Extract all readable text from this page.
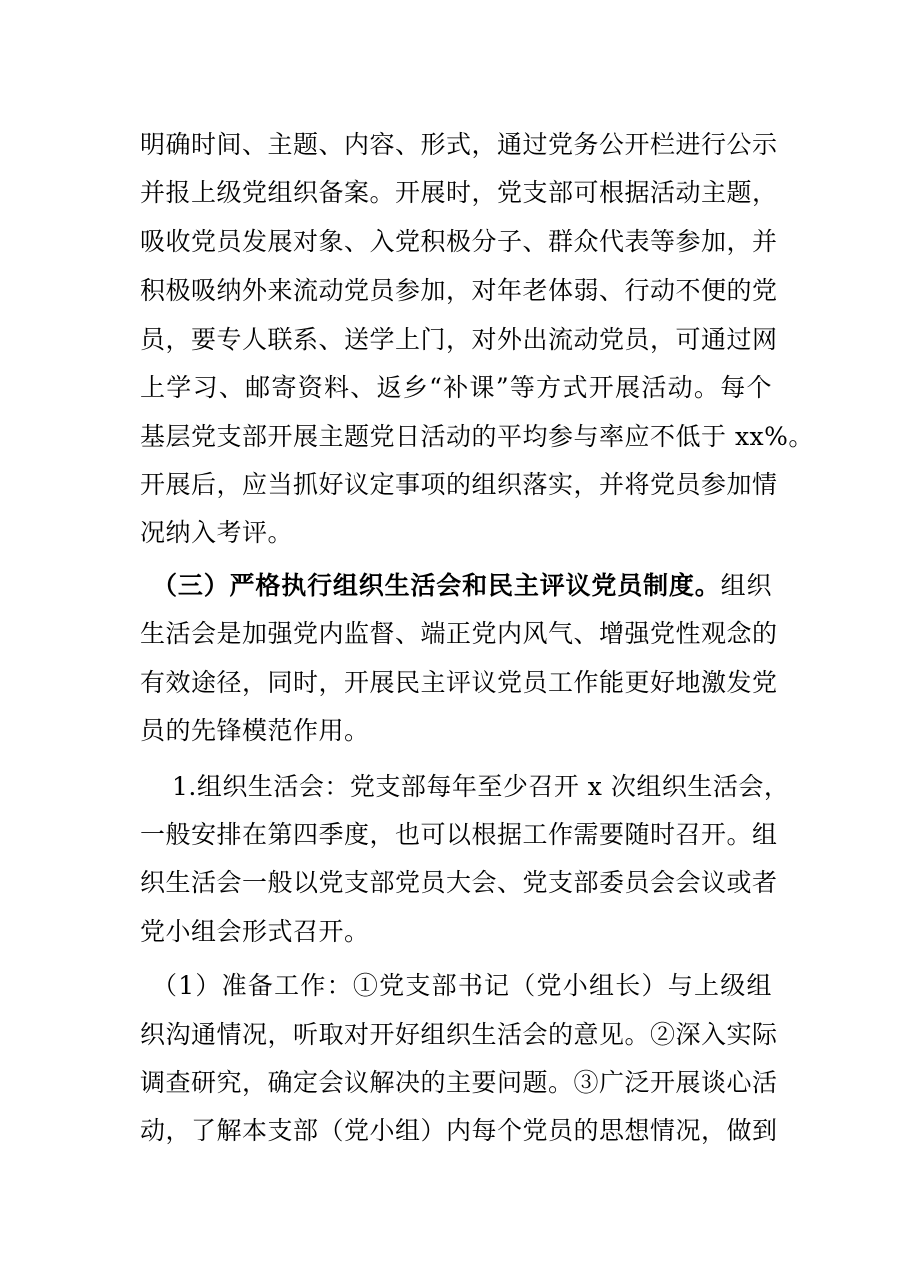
明确时间、主题、内容、形式，通过党务公开栏进行公示
并报上级党组织备案。开展时，党支部可根据活动主题，
吸收党员发展对象、入党积极分子、群众代表等参加，并
积极吸纳外来流动党员参加，对年老体弱、行动不便的党
员，要专人联系、送学上门，对外出流动党员，可通过网
上学习、邮寄资料、返乡“补课”等方式开展活动。每个
基层党支部开展主题党日活动的平均参与率应不低于 xx%。
开展后，应当抓好议定事项的组织落实，并将党员参加情
况纳入考评。
（三）严格执行组织生活会和民主评议党员制度。组织
生活会是加强党内监督、端正党内风气、增强党性观念的
有效途径，同时，开展民主评议党员工作能更好地激发党
员的先锋模范作用。
1.组织生活会：党支部每年至少召开 x 次组织生活会，
一般安排在第四季度，也可以根据工作需要随时召开。组
织生活会一般以党支部党员大会、党支部委员会会议或者
党小组会形式召开。
（1）准备工作：①党支部书记（党小组长）与上级组
织沟通情况，听取对开好组织生活会的意见。②深入实际
调查研究，确定会议解决的主要问题。③广泛开展谈心活
动，了解本支部（党小组）内每个党员的思想情况，做到
